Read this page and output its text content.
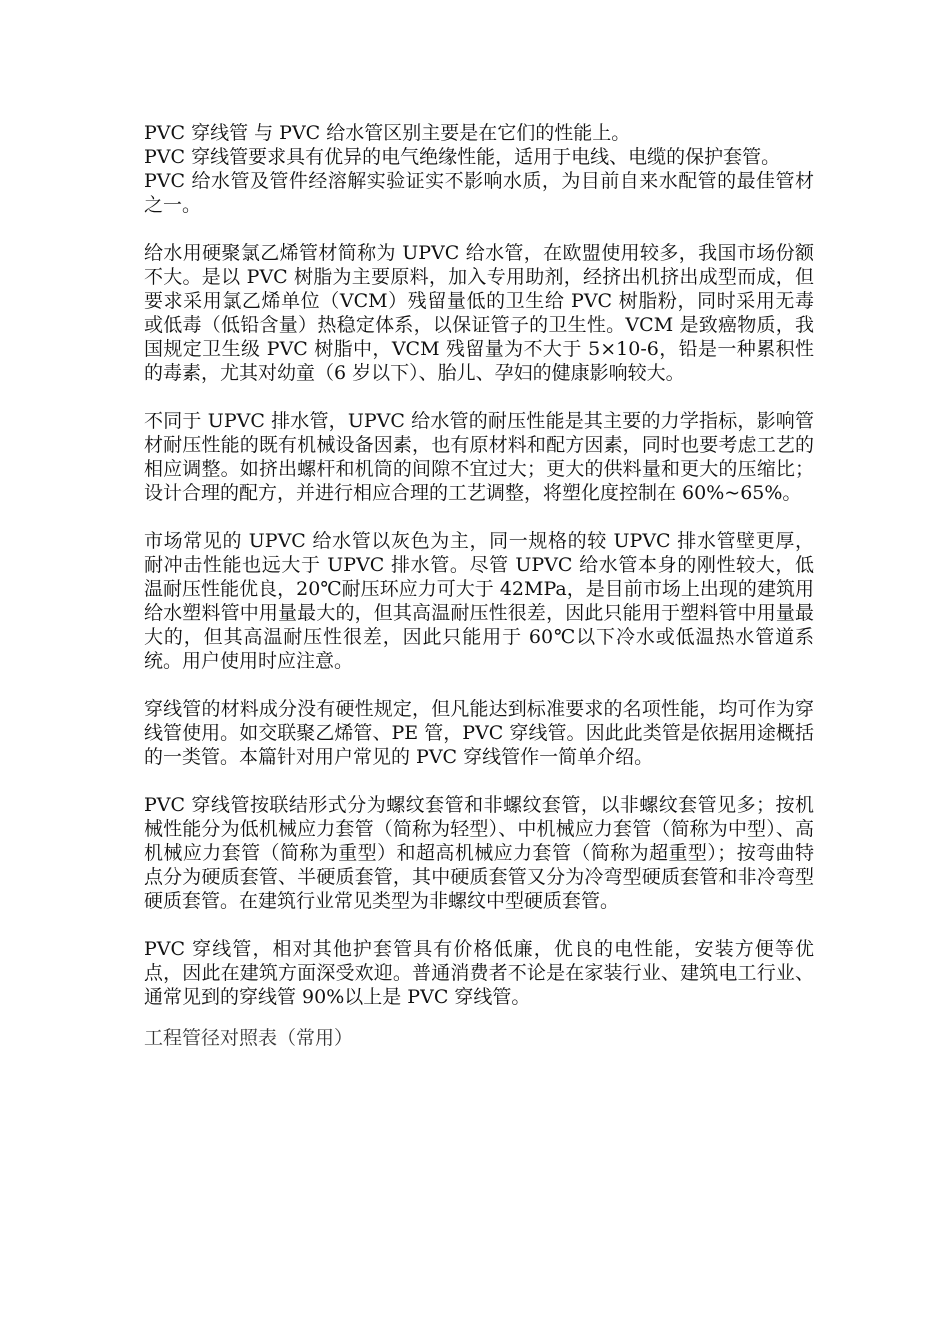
PVC 穿线管 与 PVC 给水管区别主要是在它们的性能上。

PVC 穿线管要求具有优异的电气绝缘性能，适用于电线、电缆的保护套管。

PVC 给水管及管件经溶解实验证实不影响水质，为目前自来水配管的最佳管材之一。

给水用硬聚氯乙烯管材简称为 UPVC 给水管，在欧盟使用较多，我国市场份额不大。是以 PVC 树脂为主要原料，加入专用助剂，经挤出机挤出成型而成，但要求采用氯乙烯单位（VCM）残留量低的卫生给 PVC 树脂粉，同时采用无毒或低毒（低铅含量）热稳定体系，以保证管子的卫生性。VCM 是致癌物质，我国规定卫生级 PVC 树脂中，VCM 残留量为不大于 5×10-6，铅是一种累积性的毒素，尤其对幼童（6 岁以下）、胎儿、孕妇的健康影响较大。

不同于 UPVC 排水管，UPVC 给水管的耐压性能是其主要的力学指标，影响管材耐压性能的既有机械设备因素，也有原材料和配方因素，同时也要考虑工艺的相应调整。如挤出螺杆和机筒的间隙不宜过大；更大的供料量和更大的压缩比；设计合理的配方，并进行相应合理的工艺调整，将塑化度控制在 60%~65%。

市场常见的 UPVC 给水管以灰色为主，同一规格的较 UPVC 排水管壁更厚，耐冲击性能也远大于 UPVC 排水管。尽管 UPVC 给水管本身的刚性较大，低温耐压性能优良，20℃耐压环应力可大于 42MPa，是目前市场上出现的建筑用给水塑料管中用量最大的，但其高温耐压性很差，因此只能用于塑料管中用量最大的，但其高温耐压性很差，因此只能用于 60℃以下冷水或低温热水管道系统。用户使用时应注意。

穿线管的材料成分没有硬性规定，但凡能达到标准要求的名项性能，均可作为穿线管使用。如交联聚乙烯管、PE 管，PVC 穿线管。因此此类管是依据用途概括的一类管。本篇针对用户常见的 PVC 穿线管作一简单介绍。

PVC 穿线管按联结形式分为螺纹套管和非螺纹套管，以非螺纹套管见多；按机械性能分为低机械应力套管（简称为轻型）、中机械应力套管（简称为中型）、高机械应力套管（简称为重型）和超高机械应力套管（简称为超重型）；按弯曲特点分为硬质套管、半硬质套管，其中硬质套管又分为冷弯型硬质套管和非冷弯型硬质套管。在建筑行业常见类型为非螺纹中型硬质套管。

PVC 穿线管，相对其他护套管具有价格低廉，优良的电性能，安装方便等优点，因此在建筑方面深受欢迎。普通消费者不论是在家装行业、建筑电工行业、通常见到的穿线管 90%以上是 PVC 穿线管。

工程管径对照表（常用）
